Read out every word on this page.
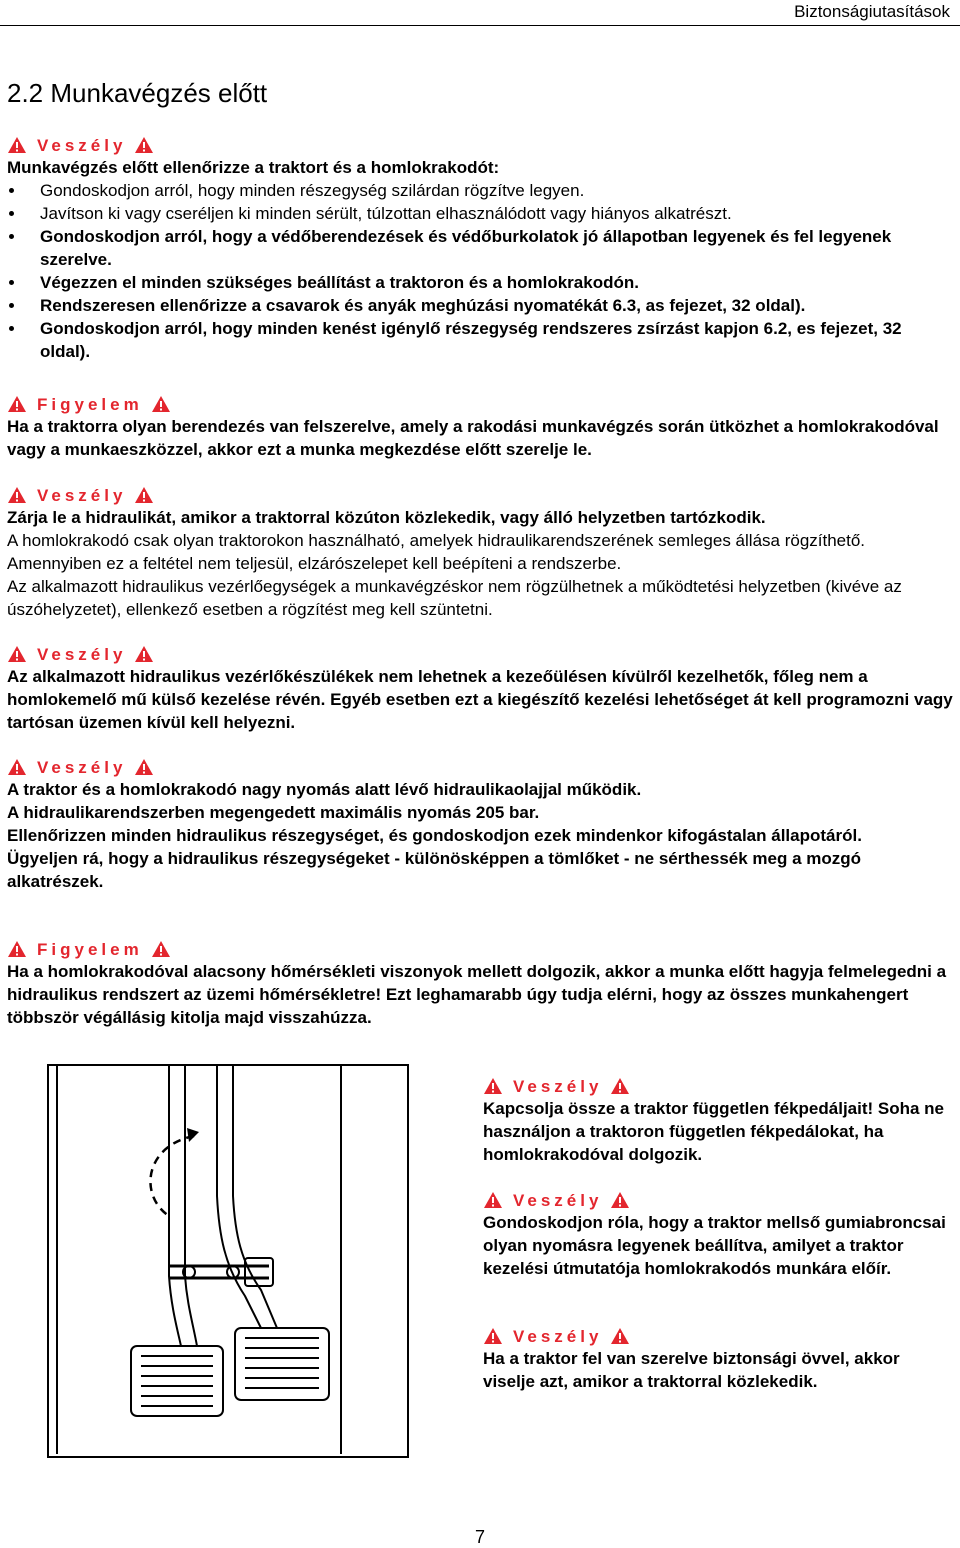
Biztonságiutasítások
2.2 Munkavégzés előtt
Veszély
Munkavégzés előtt ellenőrizze a traktort és a homlokrakodót:
Gondoskodjon arról, hogy minden részegység szilárdan rögzítve legyen.
Javítson ki vagy cseréljen ki minden sérült, túlzottan elhasználódott vagy hiányos alkatrészt.
Gondoskodjon arról, hogy a védőberendezések és védőburkolatok jó állapotban legyenek és fel legyenek szerelve.
Végezzen el minden szükséges beállítást a traktoron és a homlokrakodón.
Rendszeresen ellenőrizze a csavarok és anyák meghúzási nyomatékát 6.3, as fejezet, 32 oldal).
Gondoskodjon arról, hogy minden kenést igénylő részegység rendszeres zsírzást kapjon 6.2, es fejezet, 32 oldal).
Figyelem
Ha a traktorra olyan berendezés van felszerelve, amely a rakodási munkavégzés során ütközhet a homlokrakodóval vagy a munkaeszközzel, akkor ezt a munka megkezdése előtt szerelje le.
Veszély
Zárja le a hidraulikát, amikor a traktorral közúton közlekedik, vagy álló helyzetben tartózkodik.
A homlokrakodó csak olyan traktorokon használható, amelyek hidraulikarendszerének semleges állása rögzíthető. Amennyiben ez a feltétel nem teljesül, elzárószelepet kell beépíteni a rendszerbe.
Az alkalmazott hidraulikus vezérlőegységek a munkavégzéskor nem rögzülhetnek a működtetési helyzetben (kivéve az úszóhelyzetet), ellenkező esetben a rögzítést meg kell szüntetni.
Veszély
Az alkalmazott hidraulikus vezérlőkészülékek nem lehetnek a kezeőülésen kívülről kezelhetők, főleg nem a homlokemelő mű külső kezelése révén. Egyéb esetben ezt a kiegészítő kezelési lehetőséget át kell programozni vagy tartósan üzemen kívül kell helyezni.
Veszély
A traktor és a homlokrakodó nagy nyomás alatt lévő hidraulikaolajjal működik.
A hidraulikarendszerben megengedett maximális nyomás 205 bar.
Ellenőrizzen minden hidraulikus részegységet, és gondoskodjon ezek mindenkor kifogástalan állapotáról.
Ügyeljen rá, hogy a hidraulikus részegységeket - különösképpen a tömlőket - ne sérthessék meg a mozgó alkatrészek.
Figyelem
Ha a homlokrakodóval alacsony hőmérsékleti viszonyok mellett dolgozik, akkor a munka előtt hagyja felmelegedni a hidraulikus rendszert az üzemi hőmérsékletre! Ezt leghamarabb úgy tudja elérni, hogy az összes munkahengert többször végállásig kitolja majd visszahúzza.
Veszély
Kapcsolja össze a traktor független fékpedáljait! Soha ne használjon a traktoron független fékpedálokat, ha homlokrakodóval dolgozik.
Veszély
Gondoskodjon róla, hogy a traktor mellső gumiabroncsai olyan nyomásra legyenek beállítva, amilyet a traktor kezelési útmutatója homlokrakodós munkára előír.
Veszély
Ha a traktor fel van szerelve biztonsági övvel, akkor viselje azt, amikor a traktorral közlekedik.
7
